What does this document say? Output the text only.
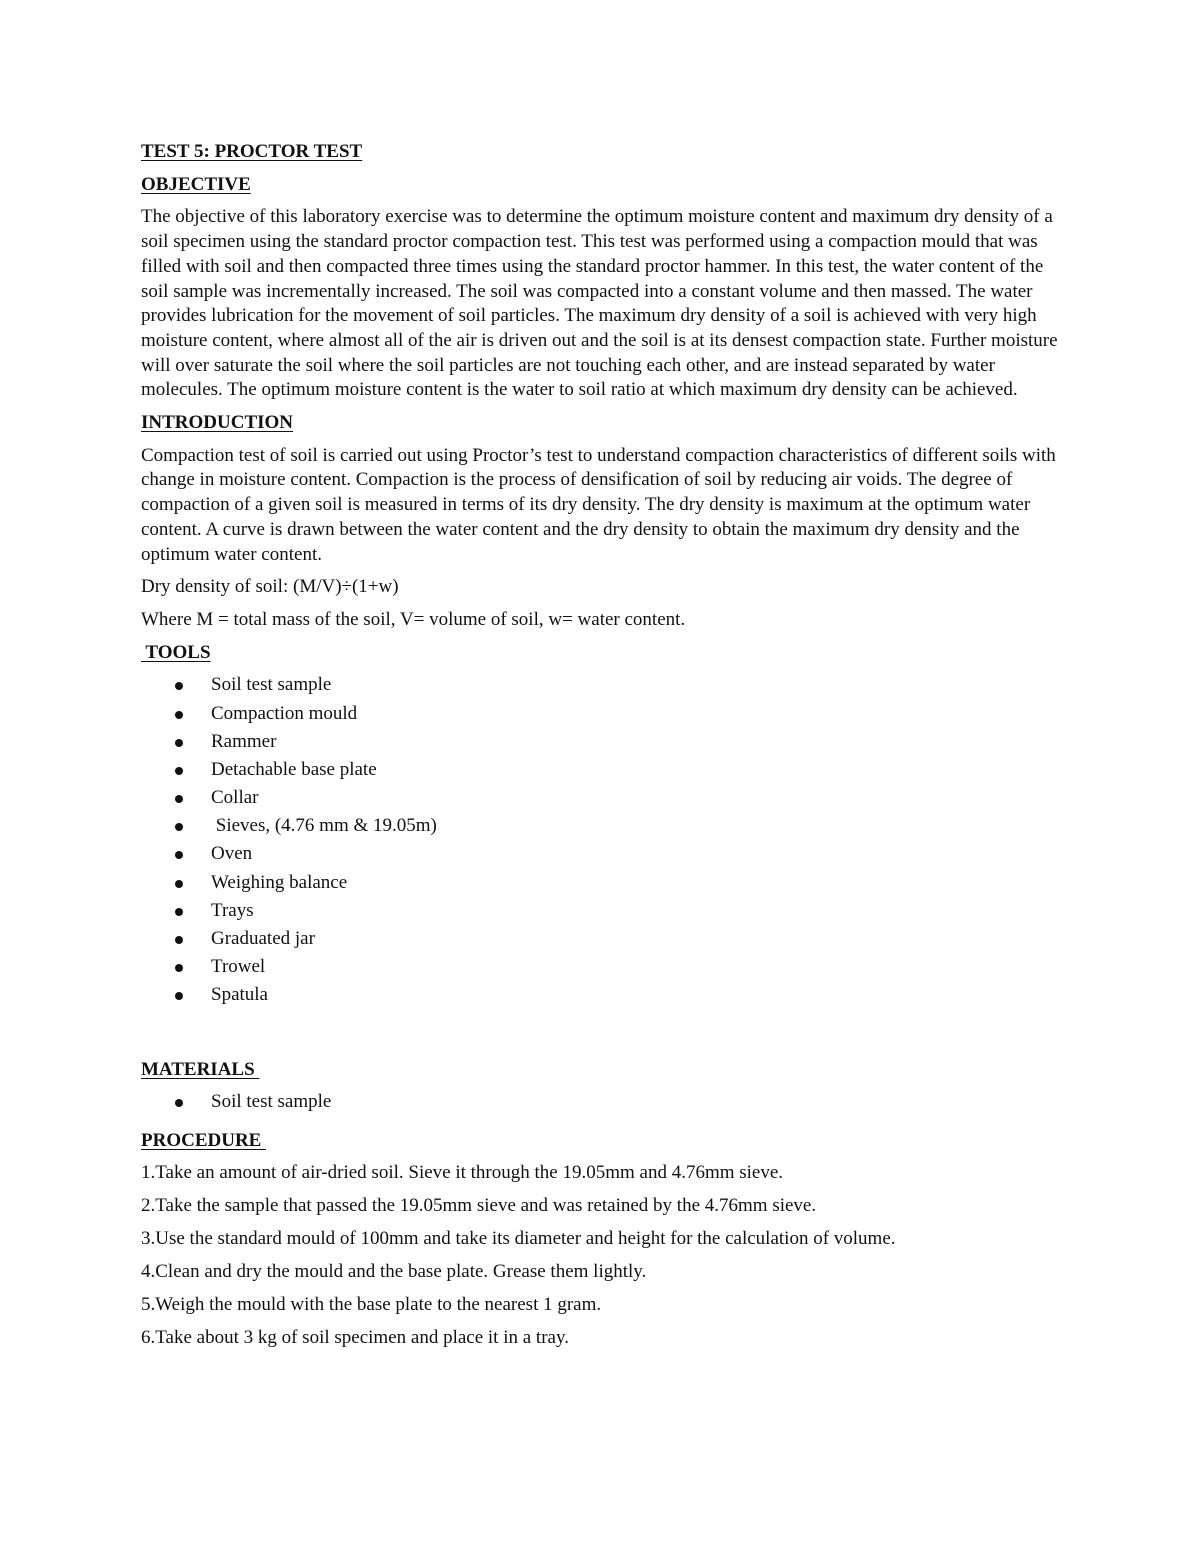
TEST 5: PROCTOR TEST
OBJECTIVE
The objective of this laboratory exercise was to determine the optimum moisture content and maximum dry density of a soil specimen using the standard proctor compaction test. This test was performed using a compaction mould that was filled with soil and then compacted three times using the standard proctor hammer. In this test, the water content of the soil sample was incrementally increased. The soil was compacted into a constant volume and then massed. The water provides lubrication for the movement of soil particles. The maximum dry density of a soil is achieved with very high moisture content, where almost all of the air is driven out and the soil is at its densest compaction state. Further moisture will over saturate the soil where the soil particles are not touching each other, and are instead separated by water molecules. The optimum moisture content is the water to soil ratio at which maximum dry density can be achieved.
INTRODUCTION
Compaction test of soil is carried out using Proctor’s test to understand compaction characteristics of different soils with change in moisture content. Compaction is the process of densification of soil by reducing air voids. The degree of compaction of a given soil is measured in terms of its dry density. The dry density is maximum at the optimum water content. A curve is drawn between the water content and the dry density to obtain the maximum dry density and the optimum water content.
Dry density of soil: (M/V)÷(1+w)
Where M = total mass of the soil, V= volume of soil, w= water content.
TOOLS
Soil test sample
Compaction mould
Rammer
Detachable base plate
Collar
Sieves, (4.76 mm & 19.05m)
Oven
Weighing balance
Trays
Graduated jar
Trowel
Spatula
MATERIALS
Soil test sample
PROCEDURE
1.Take an amount of air-dried soil. Sieve it through the 19.05mm and 4.76mm sieve.
2.Take the sample that passed the 19.05mm sieve and was retained by the 4.76mm sieve.
3.Use the standard mould of 100mm and take its diameter and height for the calculation of volume.
4.Clean and dry the mould and the base plate. Grease them lightly.
5.Weigh the mould with the base plate to the nearest 1 gram.
6.Take about 3 kg of soil specimen and place it in a tray.
